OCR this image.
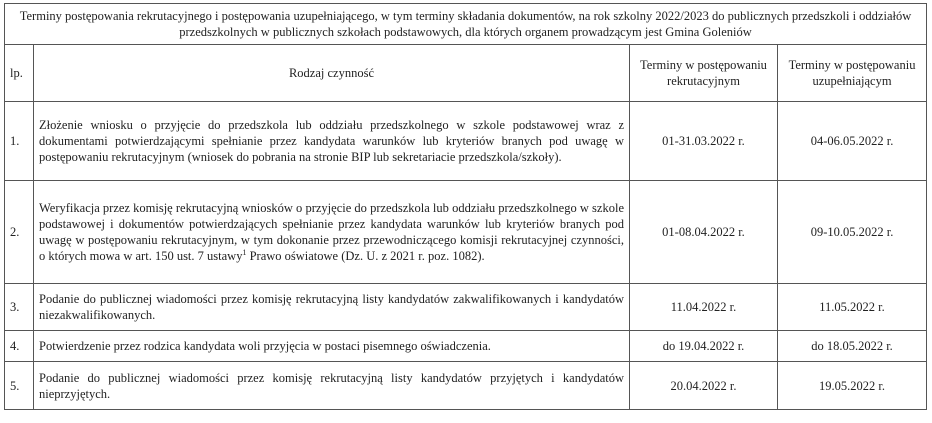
Terminy postępowania rekrutacyjnego i postępowania uzupełniającego, w tym terminy składania dokumentów, na rok szkolny 2022/2023 do publicznych przedszkoli i oddziałów przedszkolnych w publicznych szkołach podstawowych, dla których organem prowadzącym jest Gmina Goleniów			
lp.	Rodzaj czynność	Terminy w postępowaniu rekrutacyjnym	Terminy w postępowaniu uzupełniającym
1.	Złożenie wniosku o przyjęcie do przedszkola lub oddziału przedszkolnego w szkole podstawowej wraz z dokumentami potwierdzającymi spełnianie przez kandydata warunków lub kryteriów branych pod uwagę w postępowaniu rekrutacyjnym (wniosek do pobrania na stronie BIP lub sekretariacie przedszkola/szkoły).	01-31.03.2022 r.	04-06.05.2022 r.
2.	Weryfikacja przez komisję rekrutacyjną wniosków o przyjęcie do przedszkola lub oddziału przedszkolnego w szkole podstawowej i dokumentów potwierdzających spełnianie przez kandydata warunków lub kryteriów branych pod uwagę w postępowaniu rekrutacyjnym, w tym dokonanie przez przewodniczącego komisji rekrutacyjnej czynności, o których mowa w art. 150 ust. 7 ustawy$^1$ Prawo oświatowe (Dz. U. z 2021 r. poz. 1082).	01-08.04.2022 r.	09-10.05.2022 r.
3.	Podanie do publicznej wiadomości przez komisję rekrutacyjną listy kandydatów zakwalifikowanych i kandydatów niezakwalifikowanych.	11.04.2022 r.	11.05.2022 r.
4.	Potwierdzenie przez rodzica kandydata woli przyjęcia w postaci pisemnego oświadczenia.	do 19.04.2022 r.	do 18.05.2022 r.
5.	Podanie do publicznej wiadomości przez komisję rekrutacyjną listy kandydatów przyjętych i kandydatów nieprzyjętych.	20.04.2022 r.	19.05.2022 r.
